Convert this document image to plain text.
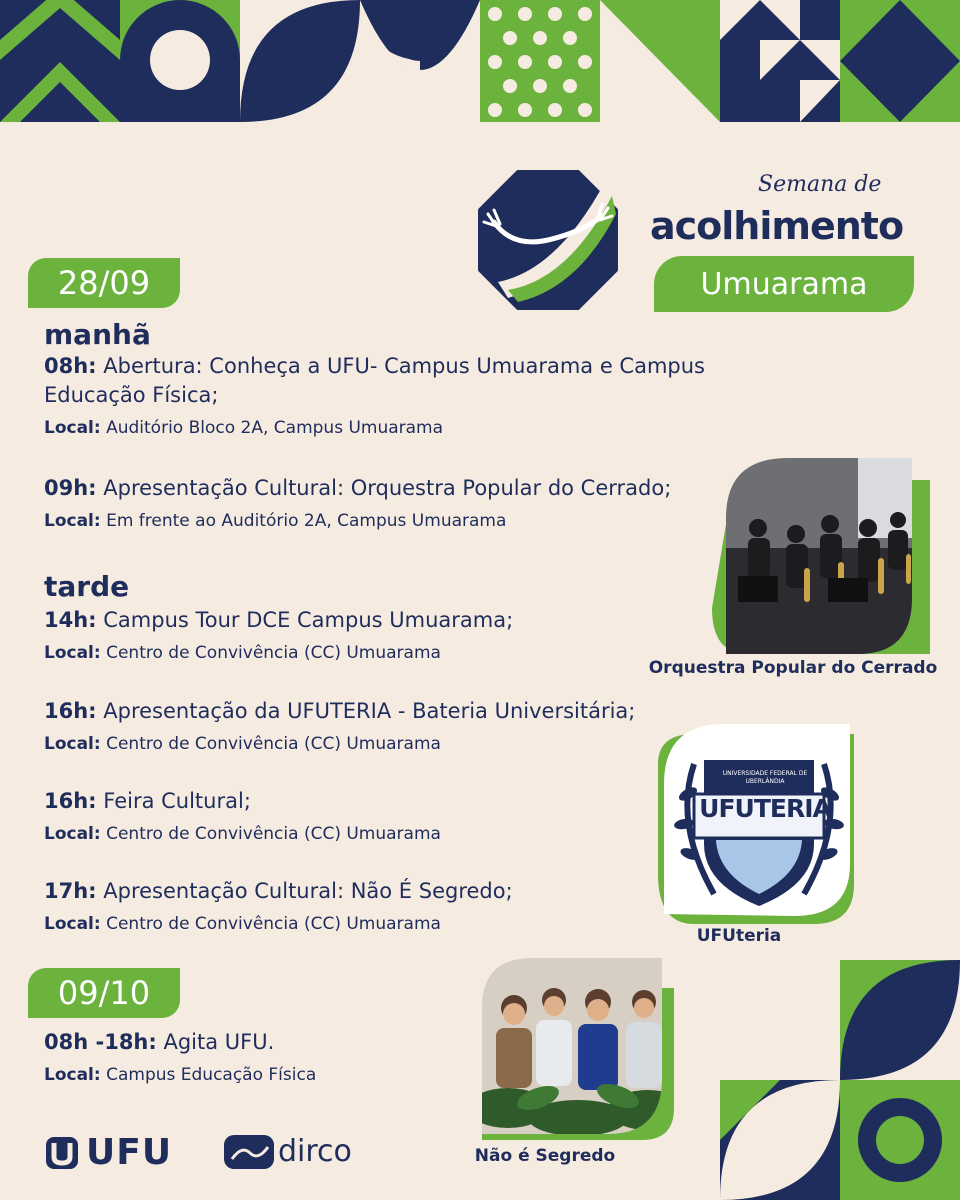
Semana de
acolhimento
Umuarama
28/09
manhã
08h: Abertura: Conheça a UFU- Campus Umuarama e Campus Educação Física;
Local: Auditório Bloco 2A, Campus Umuarama
09h: Apresentação Cultural: Orquestra Popular do Cerrado;
Local: Em frente ao Auditório 2A, Campus Umuarama
tarde
14h: Campus Tour DCE Campus Umuarama;
Local: Centro de Convivência (CC) Umuarama
16h: Apresentação da UFUTERIA - Bateria Universitária;
Local: Centro de Convivência (CC) Umuarama
16h: Feira Cultural;
Local: Centro de Convivência (CC) Umuarama
17h: Apresentação Cultural: Não É Segredo;
Local: Centro de Convivência (CC) Umuarama
09/10
08h -18h: Agita UFU.
Local: Campus Educação Física
Orquestra Popular do Cerrado
UNIVERSIDADE FEDERAL DE UBERLÂNDIA
UFUTERIA
UFUteria
Não é Segredo
UFU	dirco
